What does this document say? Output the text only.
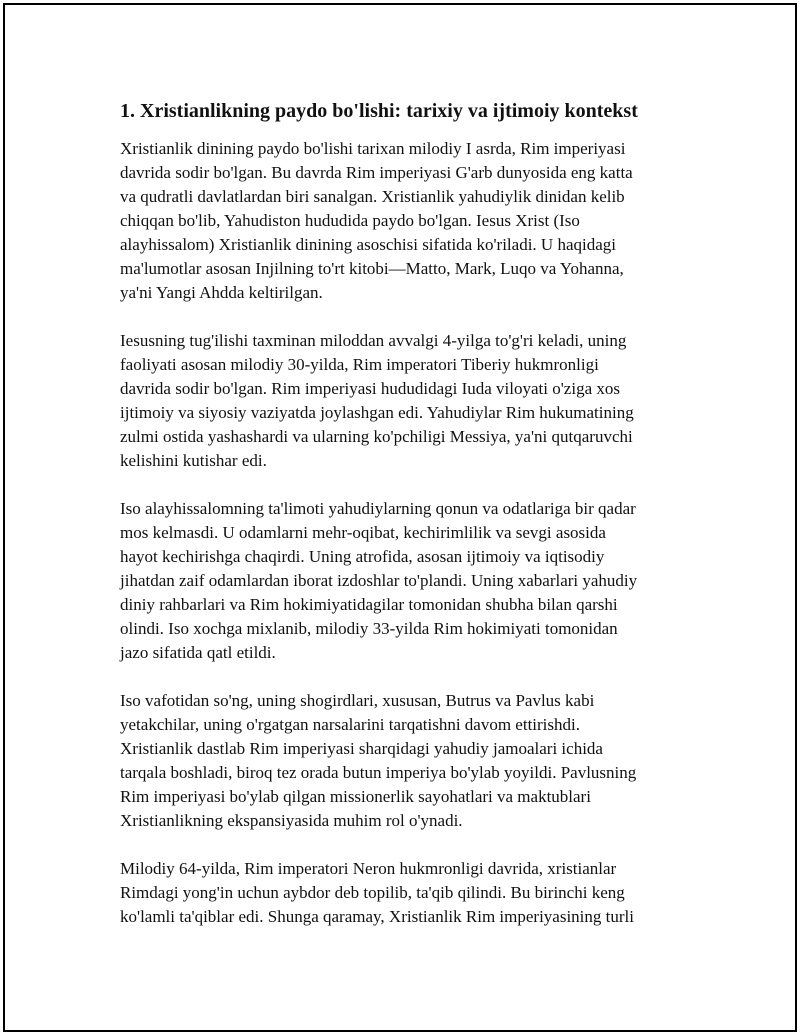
1. Xristianlikning paydo bo'lishi: tarixiy va ijtimoiy kontekst

Xristianlik dinining paydo bo'lishi tarixan milodiy I asrda, Rim imperiyasi
davrida sodir bo'lgan. Bu davrda Rim imperiyasi G'arb dunyosida eng katta
va qudratli davlatlardan biri sanalgan. Xristianlik yahudiylik dinidan kelib
chiqqan bo'lib, Yahudiston hududida paydo bo'lgan. Iesus Xrist (Iso
alayhissalom) Xristianlik dinining asoschisi sifatida ko'riladi. U haqidagi
ma'lumotlar asosan Injilning to'rt kitobi—Matto, Mark, Luqo va Yohanna,
ya'ni Yangi Ahdda keltirilgan.

Iesusning tug'ilishi taxminan miloddan avvalgi 4-yilga to'g'ri keladi, uning
faoliyati asosan milodiy 30-yilda, Rim imperatori Tiberiy hukmronligi
davrida sodir bo'lgan. Rim imperiyasi hududidagi Iuda viloyati o'ziga xos
ijtimoiy va siyosiy vaziyatda joylashgan edi. Yahudiylar Rim hukumatining
zulmi ostida yashashardi va ularning ko'pchiligi Messiya, ya'ni qutqaruvchi
kelishini kutishar edi.

Iso alayhissalomning ta'limoti yahudiylarning qonun va odatlariga bir qadar
mos kelmasdi. U odamlarni mehr-oqibat, kechirimlilik va sevgi asosida
hayot kechirishga chaqirdi. Uning atrofida, asosan ijtimoiy va iqtisodiy
jihatdan zaif odamlardan iborat izdoshlar to'plandi. Uning xabarlari yahudiy
diniy rahbarlari va Rim hokimiyatidagilar tomonidan shubha bilan qarshi
olindi. Iso xochga mixlanib, milodiy 33-yilda Rim hokimiyati tomonidan
jazo sifatida qatl etildi.

Iso vafotidan so'ng, uning shogirdlari, xususan, Butrus va Pavlus kabi
yetakchilar, uning o'rgatgan narsalarini tarqatishni davom ettirishdi.
Xristianlik dastlab Rim imperiyasi sharqidagi yahudiy jamoalari ichida
tarqala boshladi, biroq tez orada butun imperiya bo'ylab yoyildi. Pavlusning
Rim imperiyasi bo'ylab qilgan missionerlik sayohatlari va maktublari
Xristianlikning ekspansiyasida muhim rol o'ynadi.

Milodiy 64-yilda, Rim imperatori Neron hukmronligi davrida, xristianlar
Rimdagi yong'in uchun aybdor deb topilib, ta'qib qilindi. Bu birinchi keng
ko'lamli ta'qiblar edi. Shunga qaramay, Xristianlik Rim imperiyasining turli
